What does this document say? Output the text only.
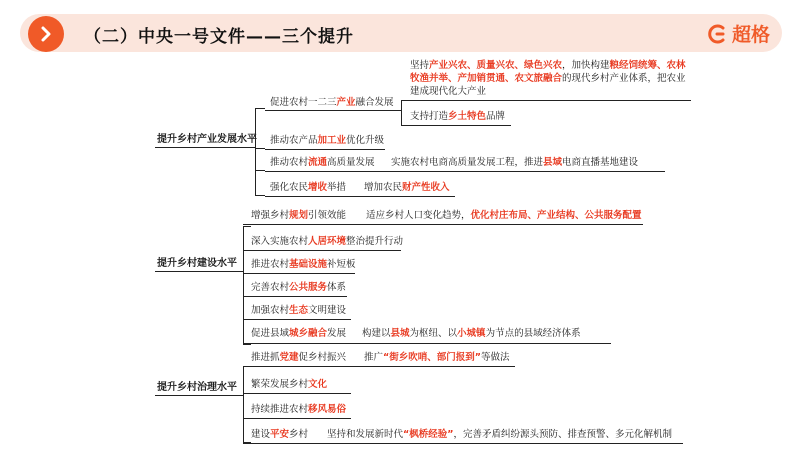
（二）中央一号文件——三个提升	超格
提升乡村产业发展水平
促进农村一二三产业融合发展
坚持产业兴农、质量兴农、绿色兴农，加快构建粮经饲统筹、农林
牧渔并举、产加销贯通、农文旅融合的现代乡村产业体系，把农业
建成现代化大产业
支持打造乡土特色品牌
推动农产品加工业优化升级
推动农村流通高质量发展 实施农村电商高质量发展工程，推进县域电商直播基地建设
强化农民增收举措 增加农民财产性收入
提升乡村建设水平
增强乡村规划引领效能 适应乡村人口变化趋势，优化村庄布局、产业结构、公共服务配置
深入实施农村人居环境整治提升行动
推进农村基础设施补短板
完善农村公共服务体系
加强农村生态文明建设
促进县域城乡融合发展 构建以县城为枢纽、以小城镇为节点的县域经济体系
提升乡村治理水平
推进抓党建促乡村振兴 推广“街乡吹哨、部门报到”等做法
繁荣发展乡村文化
持续推进农村移风易俗
建设平安乡村 坚持和发展新时代“枫桥经验”，完善矛盾纠纷源头预防、排查预警、多元化解机制
